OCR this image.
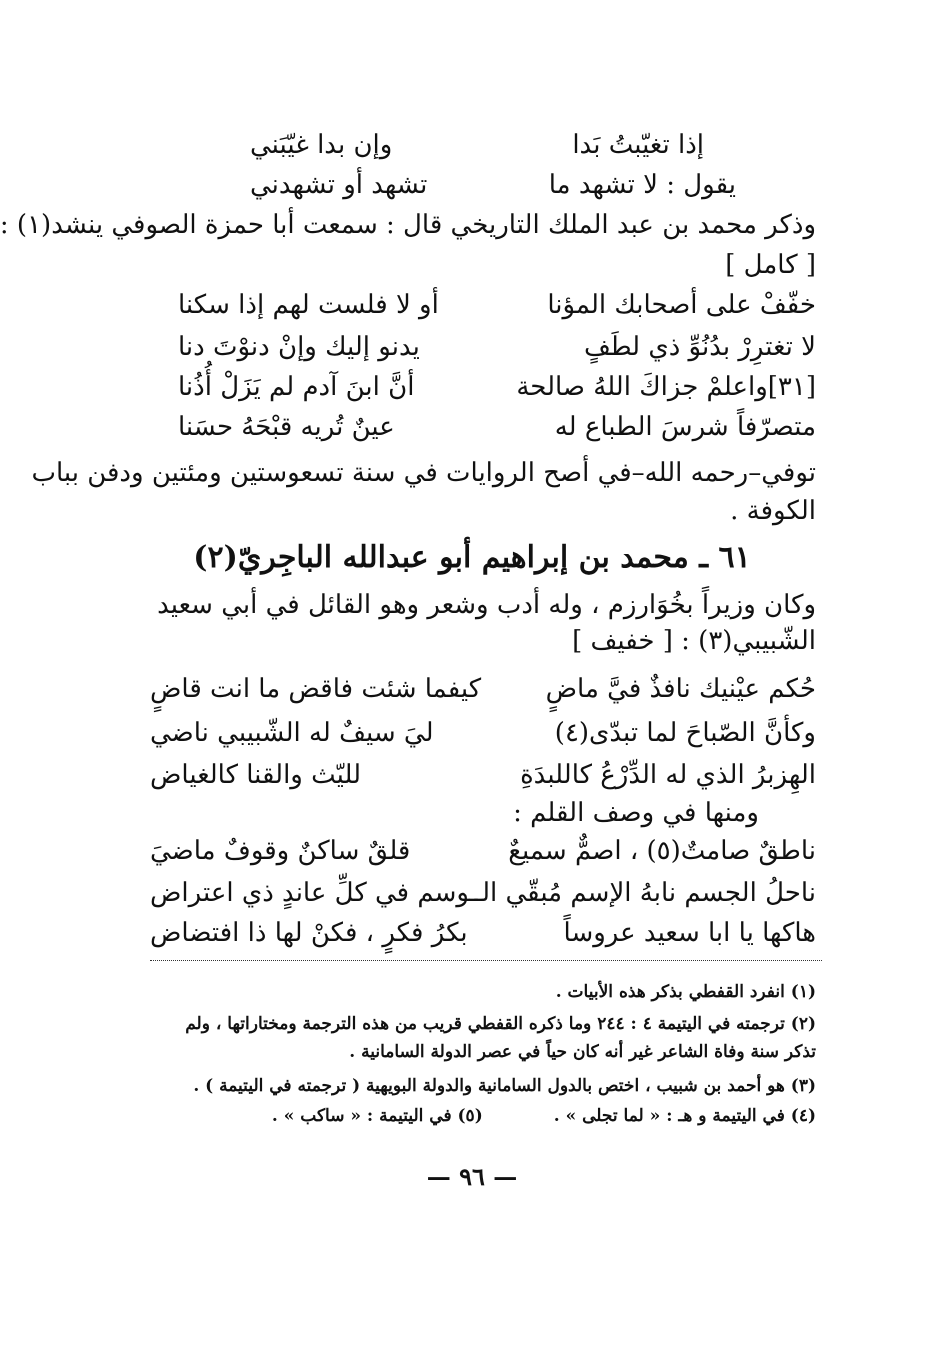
إذا تغيّبتُ بَدا
وإن بدا غيّبَني
يقول : لا تشهد ما
تشهد أو تشهدني
وذكر محمد بن عبد الملك التاريخي قال : سمعت أبا حمزة الصوفي ينشد(١) :
[ كامل ]
خفّفْ على أصحابك المؤنا
أو لا فلست لهم إذا سكنا
لا تغترِرْ بدُنُوِّ ذي لطَفٍ
يدنو إليك وإنْ دنوْتَ دنا
[٣١]واعلمْ جزاكَ اللهُ صالحة
أنَّ ابنَ آدم لم يَزَلْ أُذُنا
متصرّفاً شرسَ الطباع له
عينٌ تُريه قبْحَهُ حسَنا
توفي–رحمه الله–في أصح الروايات في سنة تسعوستين ومئتين ودفن بباب
الكوفة .
٦١ ـ محمد بن إبراهيم أبو عبدالله الباجِريّ(٢)
وكان وزيراً بخُوَارزم ، وله أدب وشعر وهو القائل في أبي سعيد
الشّبيبي(٣) : [ خفيف ]
حُكم عيْنيك نافذٌ فيَّ ماضٍ
كيفما شئت فاقض ما انت قاضٍ
وكأنَّ الصّباحَ لما تبدّى(٤)
ليَ سيفٌ له الشّبيبي ناضي
الهِزبرُ الذي له الدِّرْعُ كاللبدَةِ
لليّث والقنا كالغياض
ومنها في وصف القلم :
ناطقٌ صامتٌ(٥) ، اصمٌّ سميعٌ
قلقٌ ساكنٌ وقوفٌ ماضيَ
ناحلُ الجسم نابهُ الإسم مُبقّي الـ
ـوسم في كلِّ عاندٍ ذي اعتراض
هاكها يا ابا سعيد عروساً
بكرُ فكرٍ ، فكنْ لها ذا افتضاض
(١) انفرد القفطي بذكر هذه الأبيات .
(٢) ترجمته في اليتيمة ٤ : ٢٤٤ وما ذكره القفطي قريب من هذه الترجمة ومختاراتها ، ولم
تذكر سنة وفاة الشاعر غير أنه كان حياً في عصر الدولة السامانية .
(٣) هو أحمد بن شبيب ، اختص بالدول السامانية والدولة البويهية ( ترجمته في اليتيمة ) .
(٤) في اليتيمة و هـ : « لما تجلى » .            (٥) في اليتيمة : « ساكب » .
— ٩٦ —
